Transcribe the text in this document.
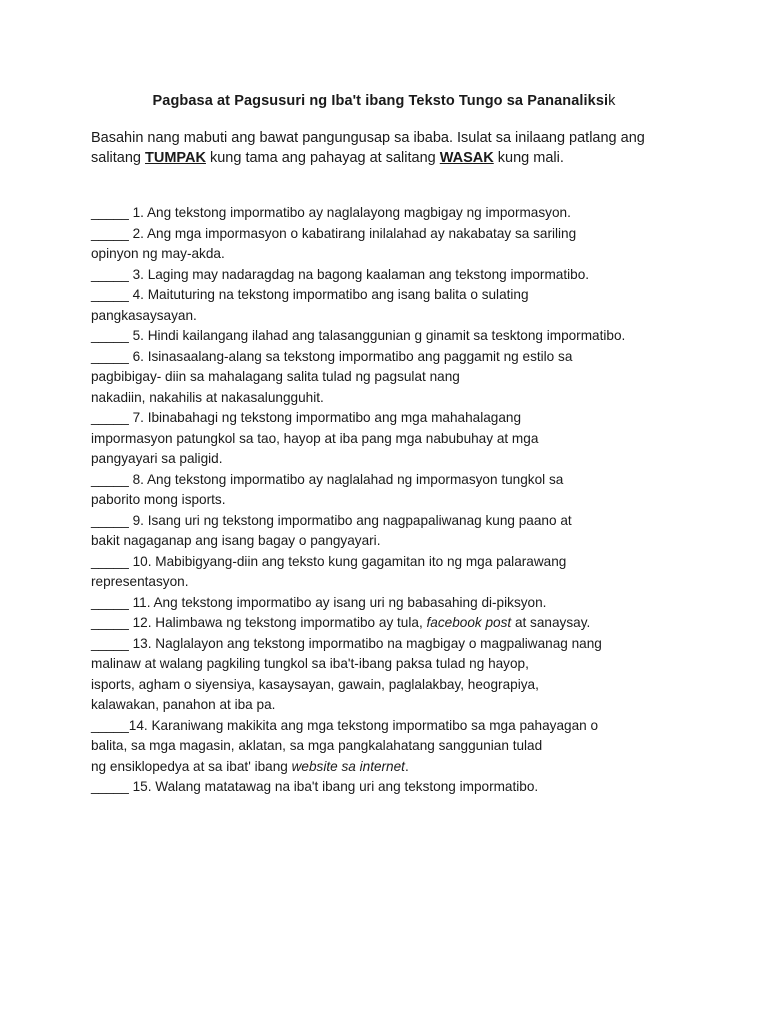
Pagbasa at Pagsusuri ng Iba't ibang Teksto Tungo sa Pananaliksik
Basahin nang mabuti ang bawat pangungusap sa ibaba. Isulat sa inilaang patlang ang
salitang TUMPAK kung tama ang pahayag at salitang WASAK kung mali.

_____ 1. Ang tekstong impormatibo ay naglalayong magbigay ng impormasyon.

_____ 2. Ang mga impormasyon o kabatirang inilalahad ay nakabatay sa sariling

opinyon ng may-akda.

_____ 3. Laging may nadaragdag na bagong kaalaman ang tekstong impormatibo.

_____ 4. Maituturing na tekstong impormatibo ang isang balita o sulating

pangkasaysayan.

_____ 5. Hindi kailangang ilahad ang talasanggunian g ginamit sa tesktong impormatibo.

_____ 6. Isinasaalang-alang sa tekstong impormatibo ang paggamit ng estilo sa

pagbibigay- diin sa mahalagang salita tulad ng pagsulat nang

nakadiin, nakahilis at nakasalungguhit.

_____ 7. Ibinabahagi ng tekstong impormatibo ang mga mahahalagang

impormasyon patungkol sa tao, hayop at iba pang mga nabubuhay at mga

pangyayari sa paligid.

_____ 8. Ang tekstong impormatibo ay naglalahad ng impormasyon tungkol sa

paborito mong isports.

_____ 9. Isang uri ng tekstong impormatibo ang nagpapaliwanag kung paano at

bakit nagaganap ang isang bagay o pangyayari.

_____ 10. Mabibigyang-diin ang teksto kung gagamitan ito ng mga palarawang

representasyon.

_____ 11. Ang tekstong impormatibo ay isang uri ng babasahing di-piksyon.

_____ 12. Halimbawa ng tekstong impormatibo ay tula, facebook post at sanaysay.

_____ 13. Naglalayon ang tekstong impormatibo na magbigay o magpaliwanag nang

malinaw at walang pagkiling tungkol sa iba't-ibang paksa tulad ng hayop,

isports, agham o siyensiya, kasaysayan, gawain, paglalakbay, heograpiya,

kalawakan, panahon at iba pa.

_____14. Karaniwang makikita ang mga tekstong impormatibo sa mga pahayagan o

balita, sa mga magasin, aklatan, sa mga pangkalahatang sanggunian tulad

ng ensiklopedya at sa ibat' ibang website sa internet.

_____ 15. Walang matatawag na iba't ibang uri ang tekstong impormatibo.
